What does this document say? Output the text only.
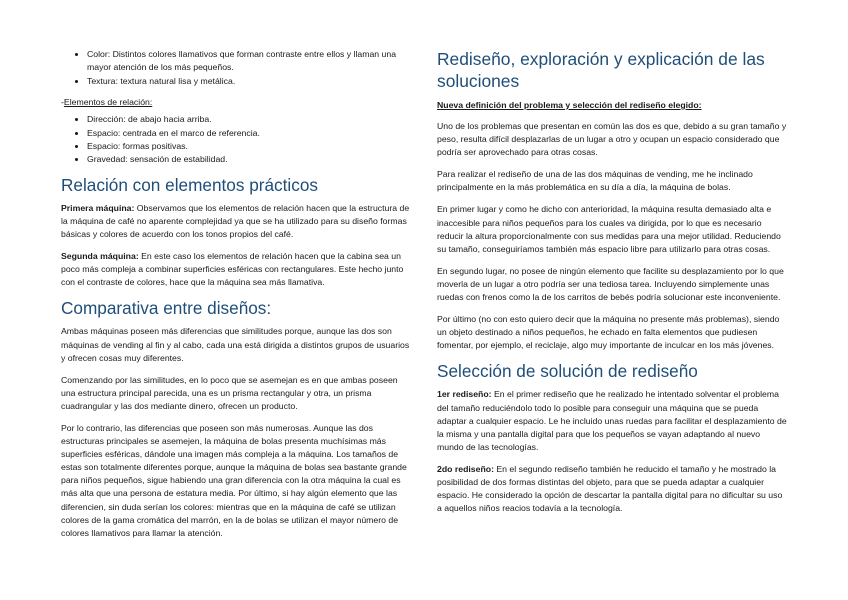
• Color: Distintos colores llamativos que forman contraste entre ellos y llaman una mayor atención de los más pequeños.
• Textura: textura natural lisa y metálica.

-Elementos de relación:

• Dirección: de abajo hacia arriba.
• Espacio: centrada en el marco de referencia.
• Espacio: formas positivas.
• Gravedad: sensación de estabilidad.
Relación con elementos prácticos

Primera máquina: Observamos que los elementos de relación hacen que la estructura de la máquina de café no aparente complejidad ya que se ha utilizado para su diseño formas básicas y colores de acuerdo con los tonos propios del café.

Segunda máquina: En este caso los elementos de relación hacen que la cabina sea un poco más compleja a combinar superficies esféricas con rectangulares. Este hecho junto con el contraste de colores, hace que la máquina sea más llamativa.

Comparativa entre diseños:

Ambas máquinas poseen más diferencias que similitudes porque, aunque las dos son máquinas de vending al fin y al cabo, cada una está dirigida a distintos grupos de usuarios y ofrecen cosas muy diferentes.

Comenzando por las similitudes, en lo poco que se asemejan es en que ambas poseen una estructura principal parecida, una es un prisma rectangular y otra, un prisma cuadrangular y las dos mediante dinero, ofrecen un producto.

Por lo contrario, las diferencias que poseen son más numerosas. Aunque las dos estructuras principales se asemejen, la máquina de bolas presenta muchísimas más superficies esféricas, dándole una imagen más compleja a la máquina. Los tamaños de estas son totalmente diferentes porque, aunque la máquina de bolas sea bastante grande para niños pequeños, sigue habiendo una gran diferencia con la otra máquina la cual es más alta que una persona de estatura media. Por último, si hay algún elemento que las diferencien, sin duda serían los colores: mientras que en la máquina de café se utilizan colores de la gama cromática del marrón, en la de bolas se utilizan el mayor número de colores llamativos para llamar la atención.

Rediseño, exploración y explicación de las soluciones

Nueva definición del problema y selección del rediseño elegido:

Uno de los problemas que presentan en común las dos es que, debido a su gran tamaño y peso, resulta difícil desplazarlas de un lugar a otro y ocupan un espacio considerado que podría ser aprovechado para otras cosas.

Para realizar el rediseño de una de las dos máquinas de vending, me he inclinado principalmente en la más problemática en su día a día, la máquina de bolas.

En primer lugar y como he dicho con anterioridad, la máquina resulta demasiado alta e inaccesible para niños pequeños para los cuales va dirigida, por lo que es necesario reducir la altura proporcionalmente con sus medidas para una mejor utilidad. Reduciendo su tamaño, conseguiríamos también más espacio libre para utilizarlo para otras cosas.

En segundo lugar, no posee de ningún elemento que facilite su desplazamiento por lo que moverla de un lugar a otro podría ser una tediosa tarea. Incluyendo simplemente unas ruedas con frenos como la de los carritos de bebés podría solucionar este inconveniente.

Por último (no con esto quiero decir que la máquina no presente más problemas), siendo un objeto destinado a niños pequeños, he echado en falta elementos que pudiesen fomentar, por ejemplo, el reciclaje, algo muy importante de inculcar en los más jóvenes.

Selección de solución de rediseño

1er rediseño: En el primer rediseño que he realizado he intentado solventar el problema del tamaño reduciéndolo todo lo posible para conseguir una máquina que se pueda adaptar a cualquier espacio. Le he incluido unas ruedas para facilitar el desplazamiento de la misma y una pantalla digital para que los pequeños se vayan adaptando al nuevo mundo de las tecnologías.

2do rediseño: En el segundo rediseño también he reducido el tamaño y he mostrado la posibilidad de dos formas distintas del objeto, para que se pueda adaptar a cualquier espacio. He considerado la opción de descartar la pantalla digital para no dificultar su uso a aquellos niños reacios todavía a la tecnología.
